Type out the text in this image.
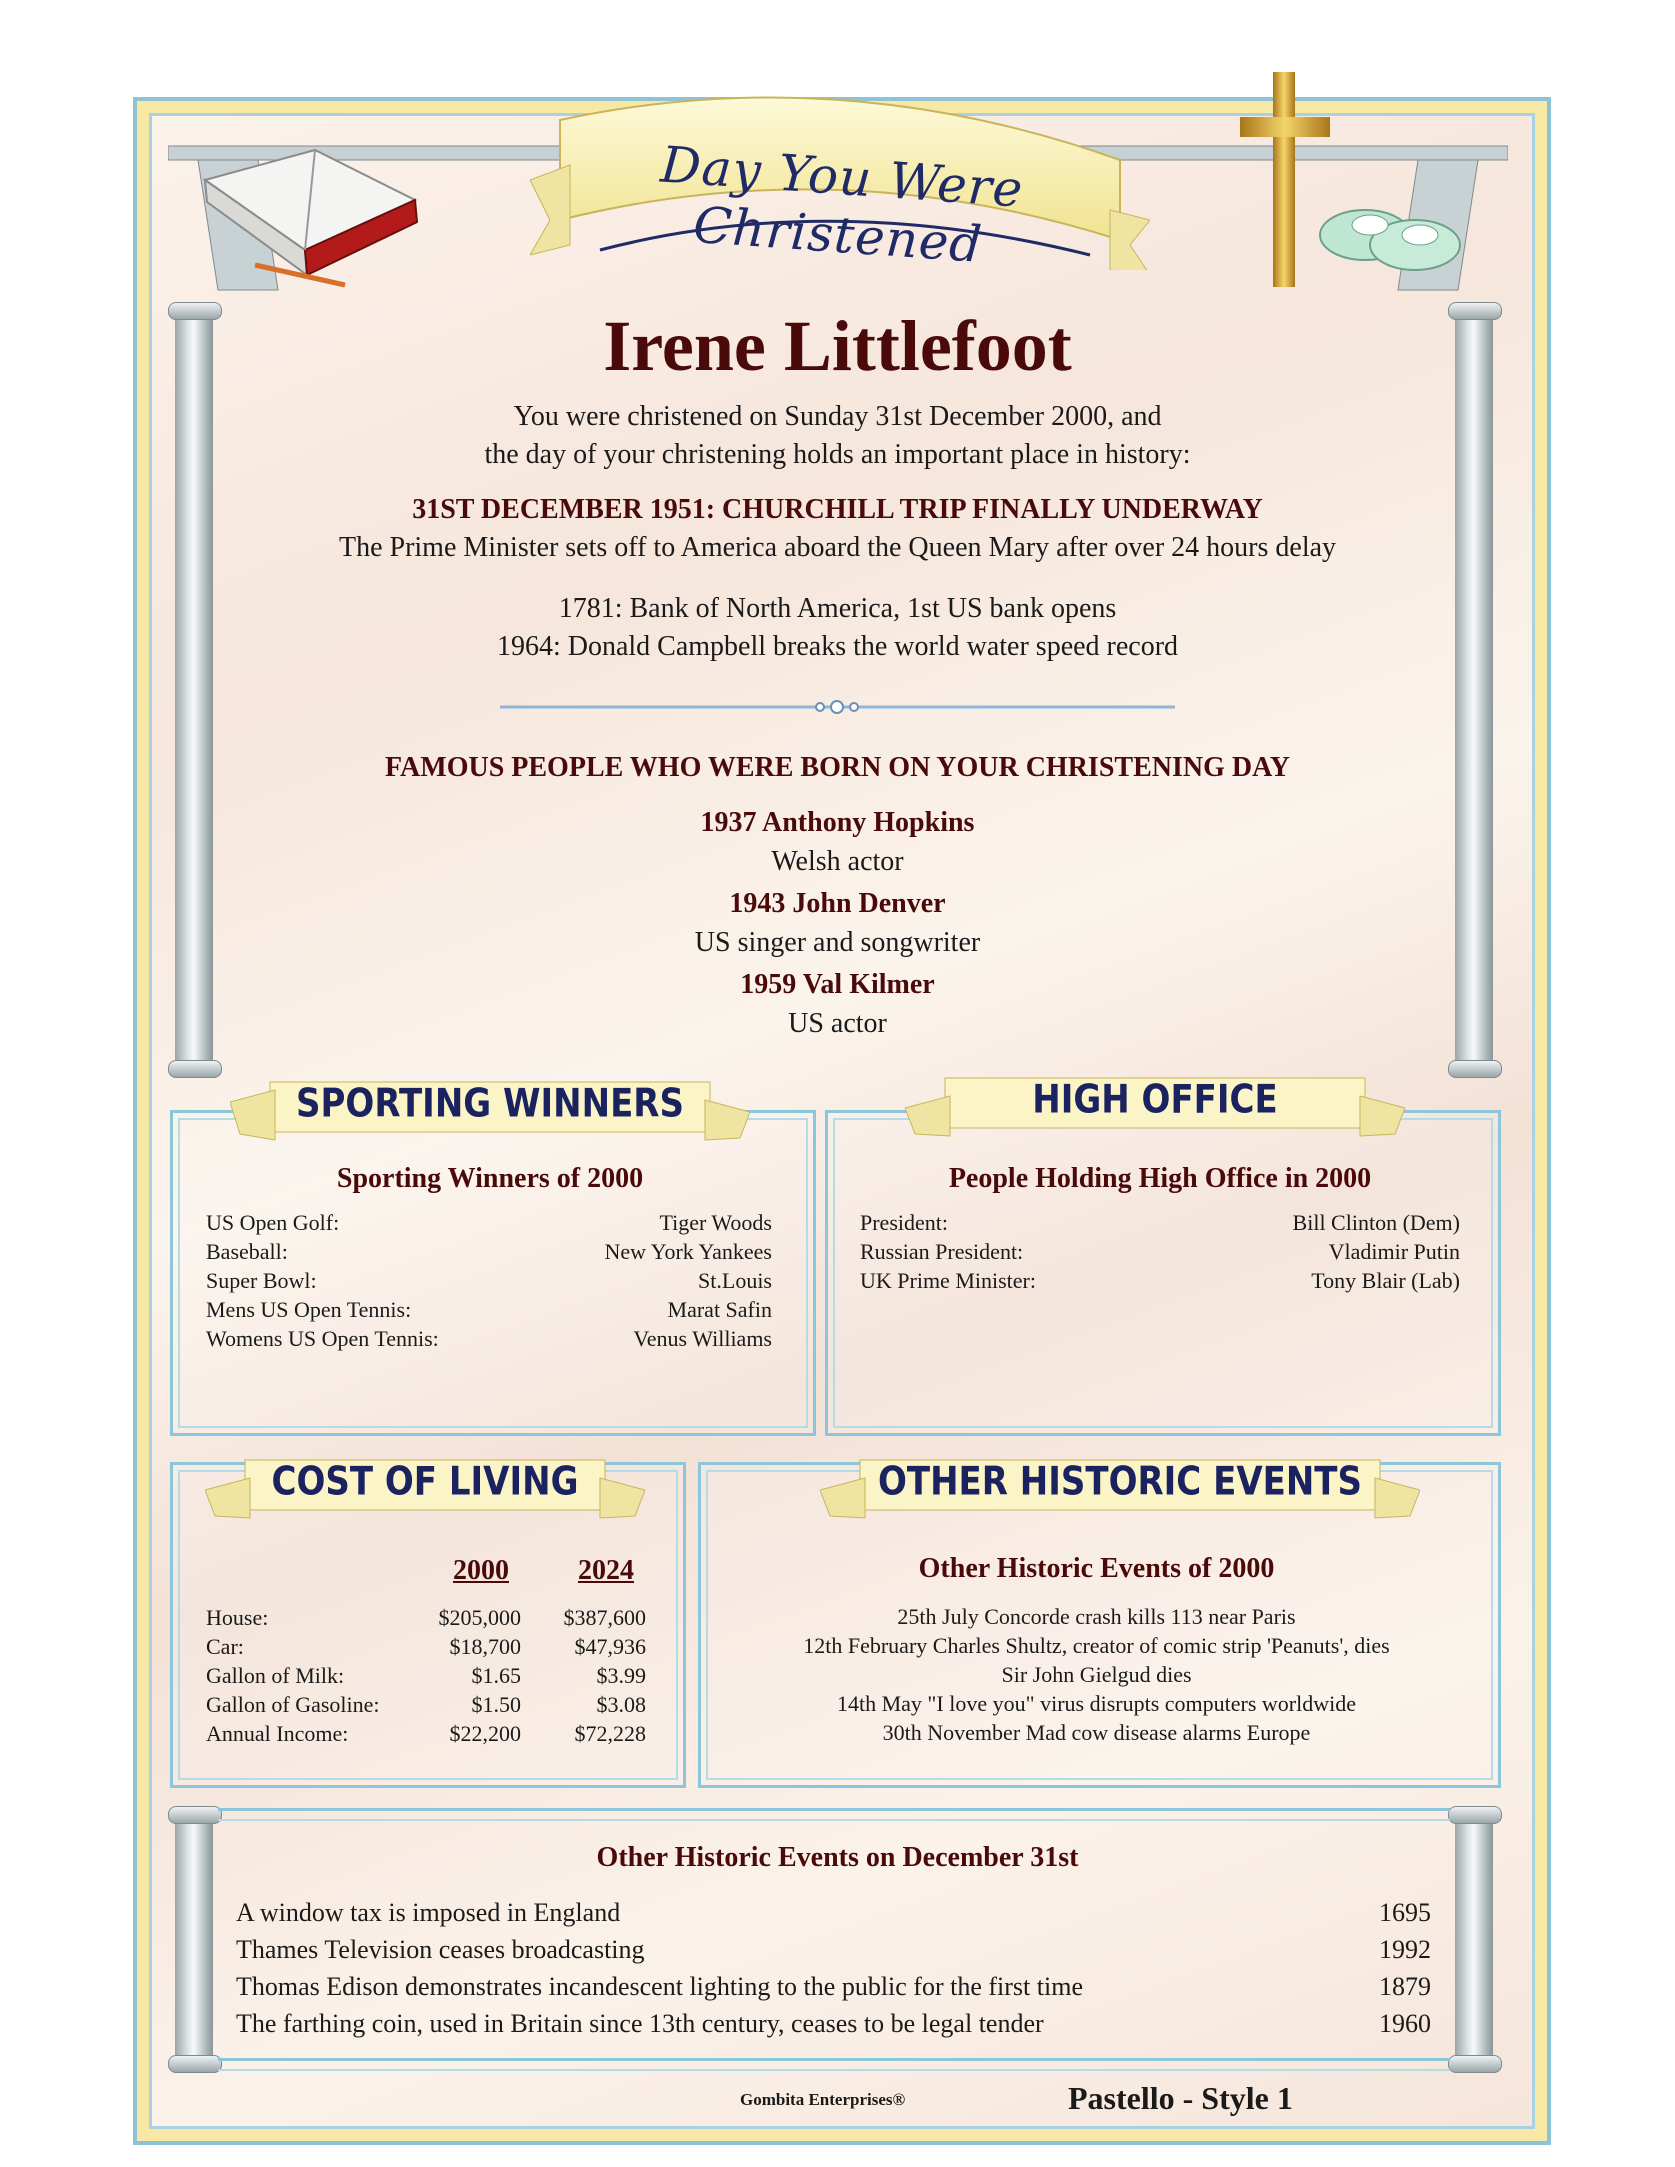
Day You Were Christened
Irene Littlefoot
You were christened on Sunday 31st December 2000, and
the day of your christening holds an important place in history:
31ST DECEMBER 1951: CHURCHILL TRIP FINALLY UNDERWAY
The Prime Minister sets off to America aboard the Queen Mary after over 24 hours delay
1781: Bank of North America, 1st US bank opens
1964: Donald Campbell breaks the world water speed record
FAMOUS PEOPLE WHO WERE BORN ON YOUR CHRISTENING DAY
1937 Anthony Hopkins
Welsh actor
1943 John Denver
US singer and songwriter
1959 Val Kilmer
US actor
SPORTING WINNERS
Sporting Winners of 2000
US Open Golf:	Tiger Woods
Baseball:	New York Yankees
Super Bowl:	St.Louis
Mens US Open Tennis:	Marat Safin
Womens US Open Tennis:	Venus Williams
HIGH OFFICE
People Holding High Office in 2000
President:	Bill Clinton (Dem)
Russian President:	Vladimir Putin
UK Prime Minister:	Tony Blair (Lab)
COST OF LIVING
2000 2024
House:	$205,000 $387,600
Car:	$18,700 $47,936
Gallon of Milk:	$1.65	$3.99
Gallon of Gasoline:	$1.50	$3.08
Annual Income:	$22,200 $72,228
OTHER HISTORIC EVENTS
Other Historic Events of 2000
25th July Concorde crash kills 113 near Paris
12th February Charles Shultz, creator of comic strip 'Peanuts', dies
Sir John Gielgud dies
14th May "I love you" virus disrupts computers worldwide
30th November Mad cow disease alarms Europe
Other Historic Events on December 31st
A window tax is imposed in England	1695
Thames Television ceases broadcasting	1992
Thomas Edison demonstrates incandescent lighting to the public for the first time	1879
The farthing coin, used in Britain since 13th century, ceases to be legal tender	1960
Gombita Enterprises®	Pastello - Style 1
